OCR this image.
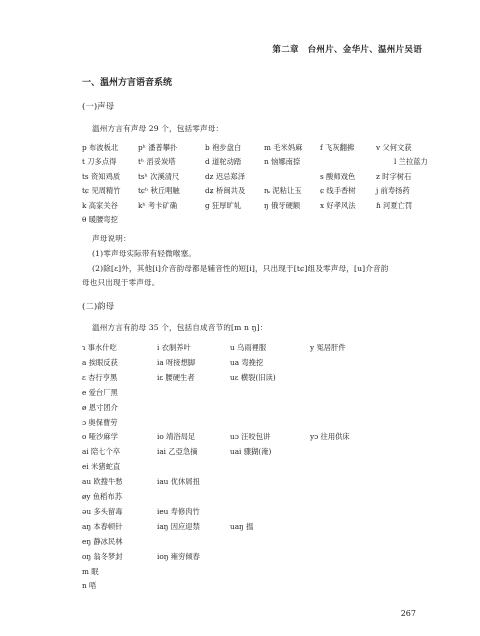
第二章　台州片、金华片、温州片吴语
一、温州方言语音系统
(一)声母
温州方言有声母 29 个，包括零声母：
p 布波板北	pʰ 潘普攀扑	b 袍步盘白	m 毛米妈麻 f 飞灰翻拂	v 父何文获
t 刀多点得	tʰ 滔妥炭塔	d 道驼动踏	n 恼娜南捺	l 兰拉蓝力
ts 资知鸡质 tsʰ 次溪清尺	dz 迟忌郑泽	s 酸师戏色	z 时字树石
tɕ 见周精竹 tɕʰ 秋丘唱触	dʑ 桥闽共及	ȵ 泥粘让玉	ɕ 线手香树	j 前寿扬药
k 高家关谷	kʰ 考卡矿确	g 狂厚旷轧	ŋ 俄牙硬额	x 好孝风法	ɦ 河夏亡罚
θ 暖腰弯挖
声母说明：
(1)零声母实际带有轻微喉塞。
(2)除[ɛ]外，其他[i]介音韵母都是辅音性的短[i]，只出现于[tɕ]组及零声母，[u]介音韵
母也只出现于零声母。
(二)韵母
温州方言有韵母 35 个，包括自成音节的[m n ŋ]：
ɿ 事水什吃	i 衣制养叶	u 乌雨裡服	y 冤居肝件
a 挨眼反获	ia 呀接想脚	ua 弯挽挖
ɛ 杏行亨黑	iɛ 腰硬生者	uɛ 横裂(旧读)
e 爱台厂黑
ø 恩寸团介
ɔ 奥保曹劳
o 哑沙麻学	io 靖浴局足	uɔ 汪咬包讲	yɔ 往用供床
ai 陪七个卒	iai 乙亞急摘	uai 骤猢(淹)
ei 米猪蛇直
au 欧搜牛愁	iau 优休屑扭
øy 鱼稻布苏
əu 多头留毒	ieu 寿修肉竹
aŋ 本春顿针	iaŋ 因应迎禁	uaŋ 揾
eŋ 静冰民林
oŋ 翁冬梦封	ioŋ 雍穷倾春
m 眠
n 唔
267
